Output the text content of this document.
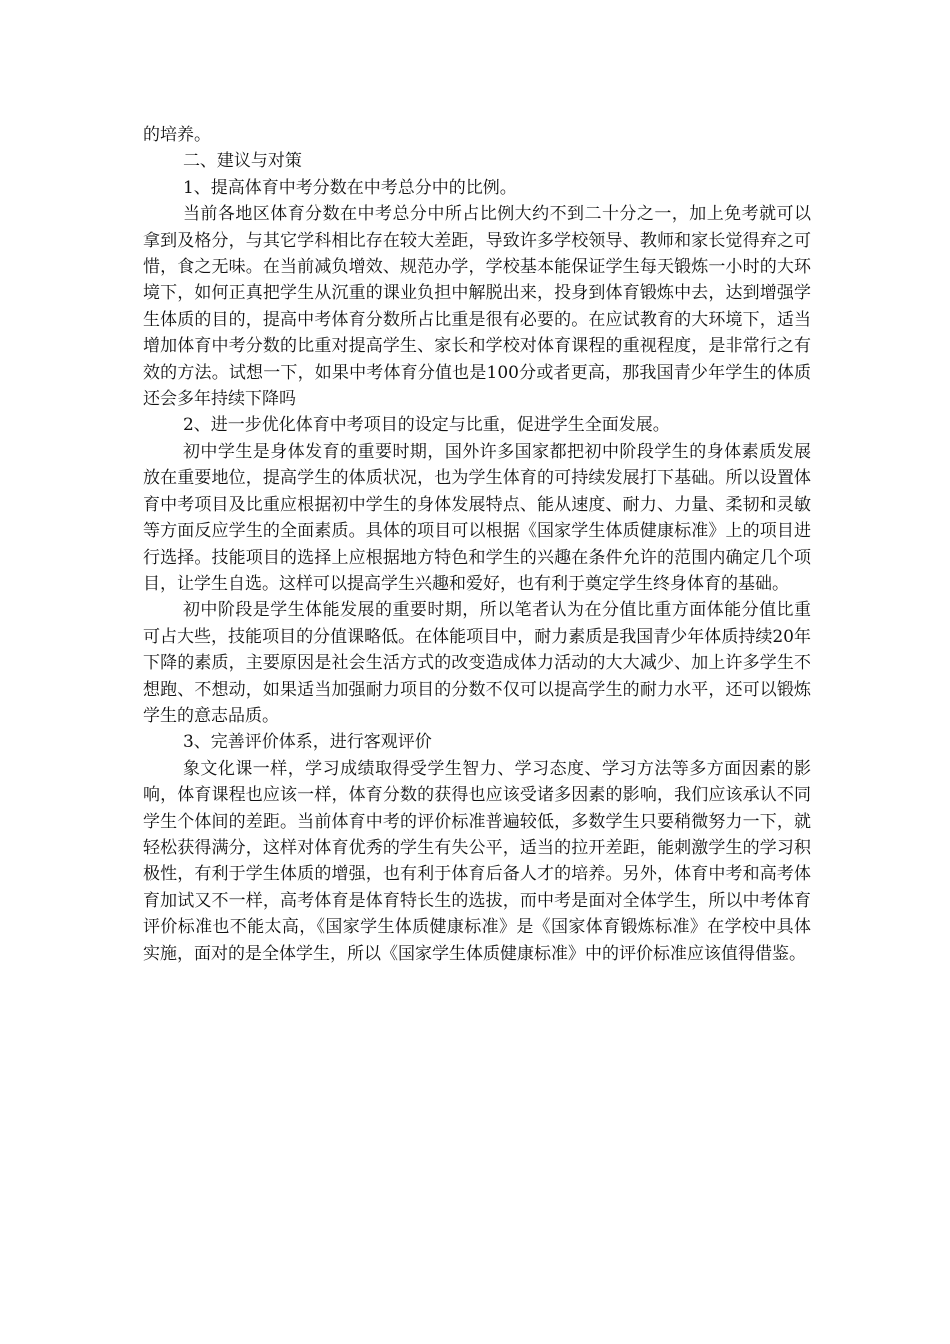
的培养。

二、建议与对策

1、提高体育中考分数在中考总分中的比例。

当前各地区体育分数在中考总分中所占比例大约不到二十分之一，加上免考就可以拿到及格分，与其它学科相比存在较大差距，导致许多学校领导、教师和家长觉得弃之可惜，食之无味。在当前减负增效、规范办学，学校基本能保证学生每天锻炼一小时的大环境下，如何正真把学生从沉重的课业负担中解脱出来，投身到体育锻炼中去，达到增强学生体质的目的，提高中考体育分数所占比重是很有必要的。在应试教育的大环境下，适当增加体育中考分数的比重对提高学生、家长和学校对体育课程的重视程度，是非常行之有效的方法。试想一下，如果中考体育分值也是100分或者更高，那我国青少年学生的体质还会多年持续下降吗

2、进一步优化体育中考项目的设定与比重，促进学生全面发展。

初中学生是身体发育的重要时期，国外许多国家都把初中阶段学生的身体素质发展放在重要地位，提高学生的体质状况，也为学生体育的可持续发展打下基础。所以设置体育中考项目及比重应根据初中学生的身体发展特点、能从速度、耐力、力量、柔韧和灵敏等方面反应学生的全面素质。具体的项目可以根据《国家学生体质健康标准》上的项目进行选择。技能项目的选择上应根据地方特色和学生的兴趣在条件允许的范围内确定几个项目，让学生自选。这样可以提高学生兴趣和爱好，也有利于奠定学生终身体育的基础。

初中阶段是学生体能发展的重要时期，所以笔者认为在分值比重方面体能分值比重可占大些，技能项目的分值课略低。在体能项目中，耐力素质是我国青少年体质持续20年下降的素质，主要原因是社会生活方式的改变造成体力活动的大大减少、加上许多学生不想跑、不想动，如果适当加强耐力项目的分数不仅可以提高学生的耐力水平，还可以锻炼学生的意志品质。

3、完善评价体系，进行客观评价

象文化课一样，学习成绩取得受学生智力、学习态度、学习方法等多方面因素的影响，体育课程也应该一样，体育分数的获得也应该受诸多因素的影响，我们应该承认不同学生个体间的差距。当前体育中考的评价标准普遍较低，多数学生只要稍微努力一下，就轻松获得满分，这样对体育优秀的学生有失公平，适当的拉开差距，能刺激学生的学习积极性，有利于学生体质的增强，也有利于体育后备人才的培养。另外，体育中考和高考体育加试又不一样，高考体育是体育特长生的选拔，而中考是面对全体学生，所以中考体育评价标准也不能太高，《国家学生体质健康标准》是《国家体育锻炼标准》在学校中具体实施，面对的是全体学生，所以《国家学生体质健康标准》中的评价标准应该值得借鉴。
